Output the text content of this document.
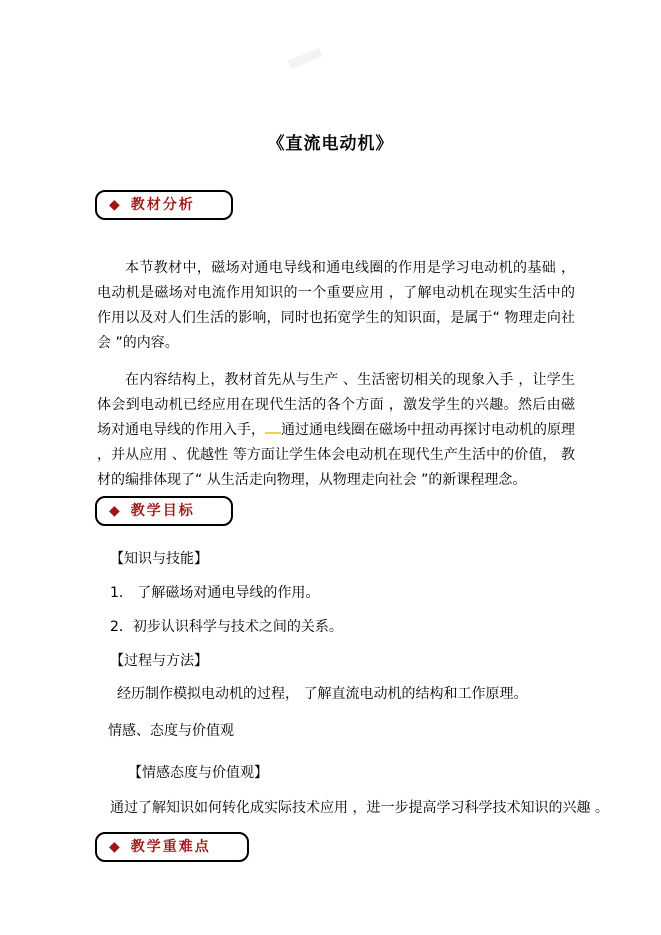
《直流电动机》
◆ 教材分析

本节教材中，磁场对通电导线和通电线圈的作用是学习电动机的基础 ，电动机是磁场对电流作用知识的一个重要应用 ，了解电动机在现实生活中的作用以及对人们生活的影响，同时也拓宽学生的知识面，是属于“ 物理走向社会 ”的内容。

在内容结构上，教材首先从与生产 、生活密切相关的现象入手 ，让学生体会到电动机已经应用在现代生活的各个方面 ，激发学生的兴趣。然后由磁场对通电导线的作用入手， 通过通电线圈在磁场中扭动再探讨电动机的原理 ，并从应用 、优越性 等方面让学生体会电动机在现代生产生活中的价值， 教材的编排体现了“ 从生活走向物理，从物理走向社会 ”的新课程理念。

◆ 教学目标

【知识与技能】

1． 了解磁场对通电导线的作用。

2．初步认识科学与技术之间的关系。

【过程与方法】

经历制作模拟电动机的过程， 了解直流电动机的结构和工作原理。

情感、态度与价值观

【情感态度与价值观】

通过了解知识如何转化成实际技术应用 ，进一步提高学习科学技术知识的兴趣 。

◆ 教学重难点
